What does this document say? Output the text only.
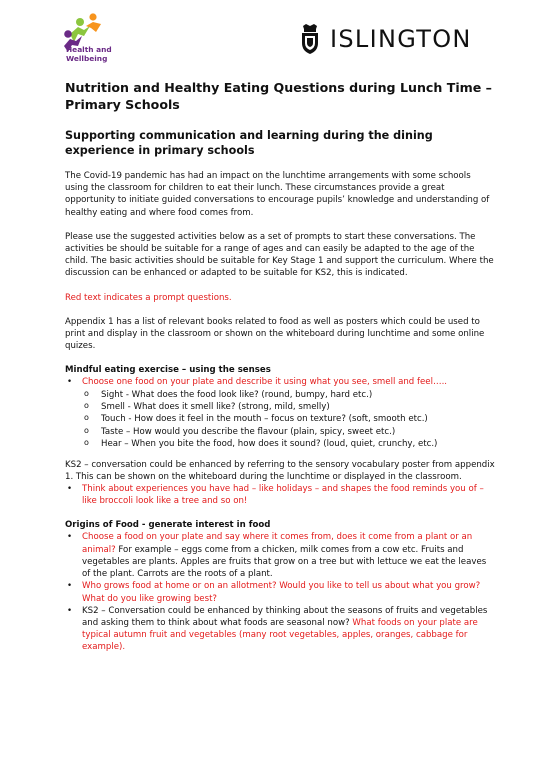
Health and
Wellbeing
ISLINGTON
Nutrition and Healthy Eating Questions during Lunch Time – Primary Schools
Supporting communication and learning during the dining experience in primary schools

The Covid-19 pandemic has had an impact on the lunchtime arrangements with some schools using the classroom for children to eat their lunch. These circumstances provide a great opportunity to initiate guided conversations to encourage pupils’ knowledge and understanding of healthy eating and where food comes from.

Please use the suggested activities below as a set of prompts to start these conversations. The activities be should be suitable for a range of ages and can easily be adapted to the age of the child. The basic activities should be suitable for Key Stage 1 and support the curriculum. Where the discussion can be enhanced or adapted to be suitable for KS2, this is indicated.

Red text indicates a prompt questions.

Appendix 1 has a list of relevant books related to food as well as posters which could be used to print and display in the classroom or shown on the whiteboard during lunchtime and some online quizes.

Mindful eating exercise – using the senses
• Choose one food on your plate and describe it using what you see, smell and feel…..
o Sight - What does the food look like? (round, bumpy, hard etc.)
o Smell - What does it smell like? (strong, mild, smelly)
o Touch - How does it feel in the mouth – focus on texture? (soft, smooth etc.)
o Taste – How would you describe the flavour (plain, spicy, sweet etc.)
o Hear – When you bite the food, how does it sound? (loud, quiet, crunchy, etc.)

KS2 – conversation could be enhanced by referring to the sensory vocabulary poster from appendix 1. This can be shown on the whiteboard during the lunchtime or displayed in the classroom.

• Think about experiences you have had – like holidays – and shapes the food reminds you of – like broccoli look like a tree and so on!
Origins of Food - generate interest in food
• Choose a food on your plate and say where it comes from, does it come from a plant or an animal? For example – eggs come from a chicken, milk comes from a cow etc. Fruits and vegetables are plants. Apples are fruits that grow on a tree but with lettuce we eat the leaves of the plant. Carrots are the roots of a plant.
• Who grows food at home or on an allotment? Would you like to tell us about what you grow? What do you like growing best?
• KS2 – Conversation could be enhanced by thinking about the seasons of fruits and vegetables and asking them to think about what foods are seasonal now? What foods on your plate are typical autumn fruit and vegetables (many root vegetables, apples, oranges, cabbage for example).
